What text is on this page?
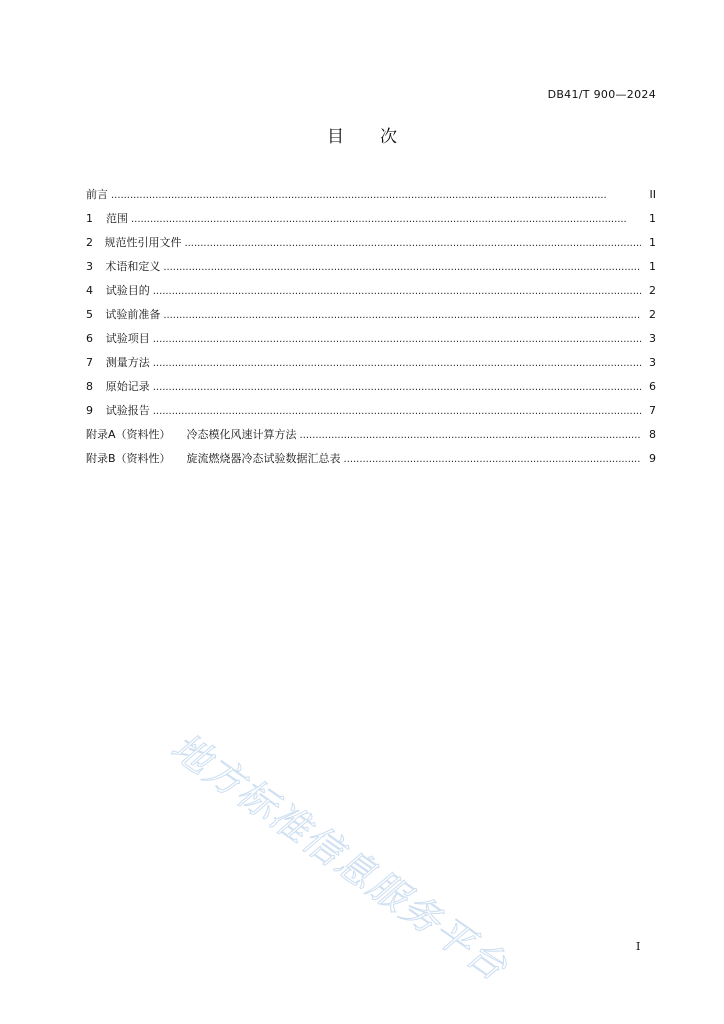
DB41/T 900—2024
目 次
前言 . . .	II
1	范围 . . .	1
2	规范性引用文件 . . .	1
3	术语和定义 . . .	1
4	试验目的 . . .	2
5	试验前准备 . . .	2
6	试验项目 . . .	3
7	测量方法 . . .	3
8	原始记录 . . .	6
9	试验报告 . . .	7
附录A（资料性） 冷态模化风速计算方法 . . .	8
附录B（资料性） 旋流燃烧器冷态试验数据汇总表 . . .	9
地方标准信息服务平台	I
